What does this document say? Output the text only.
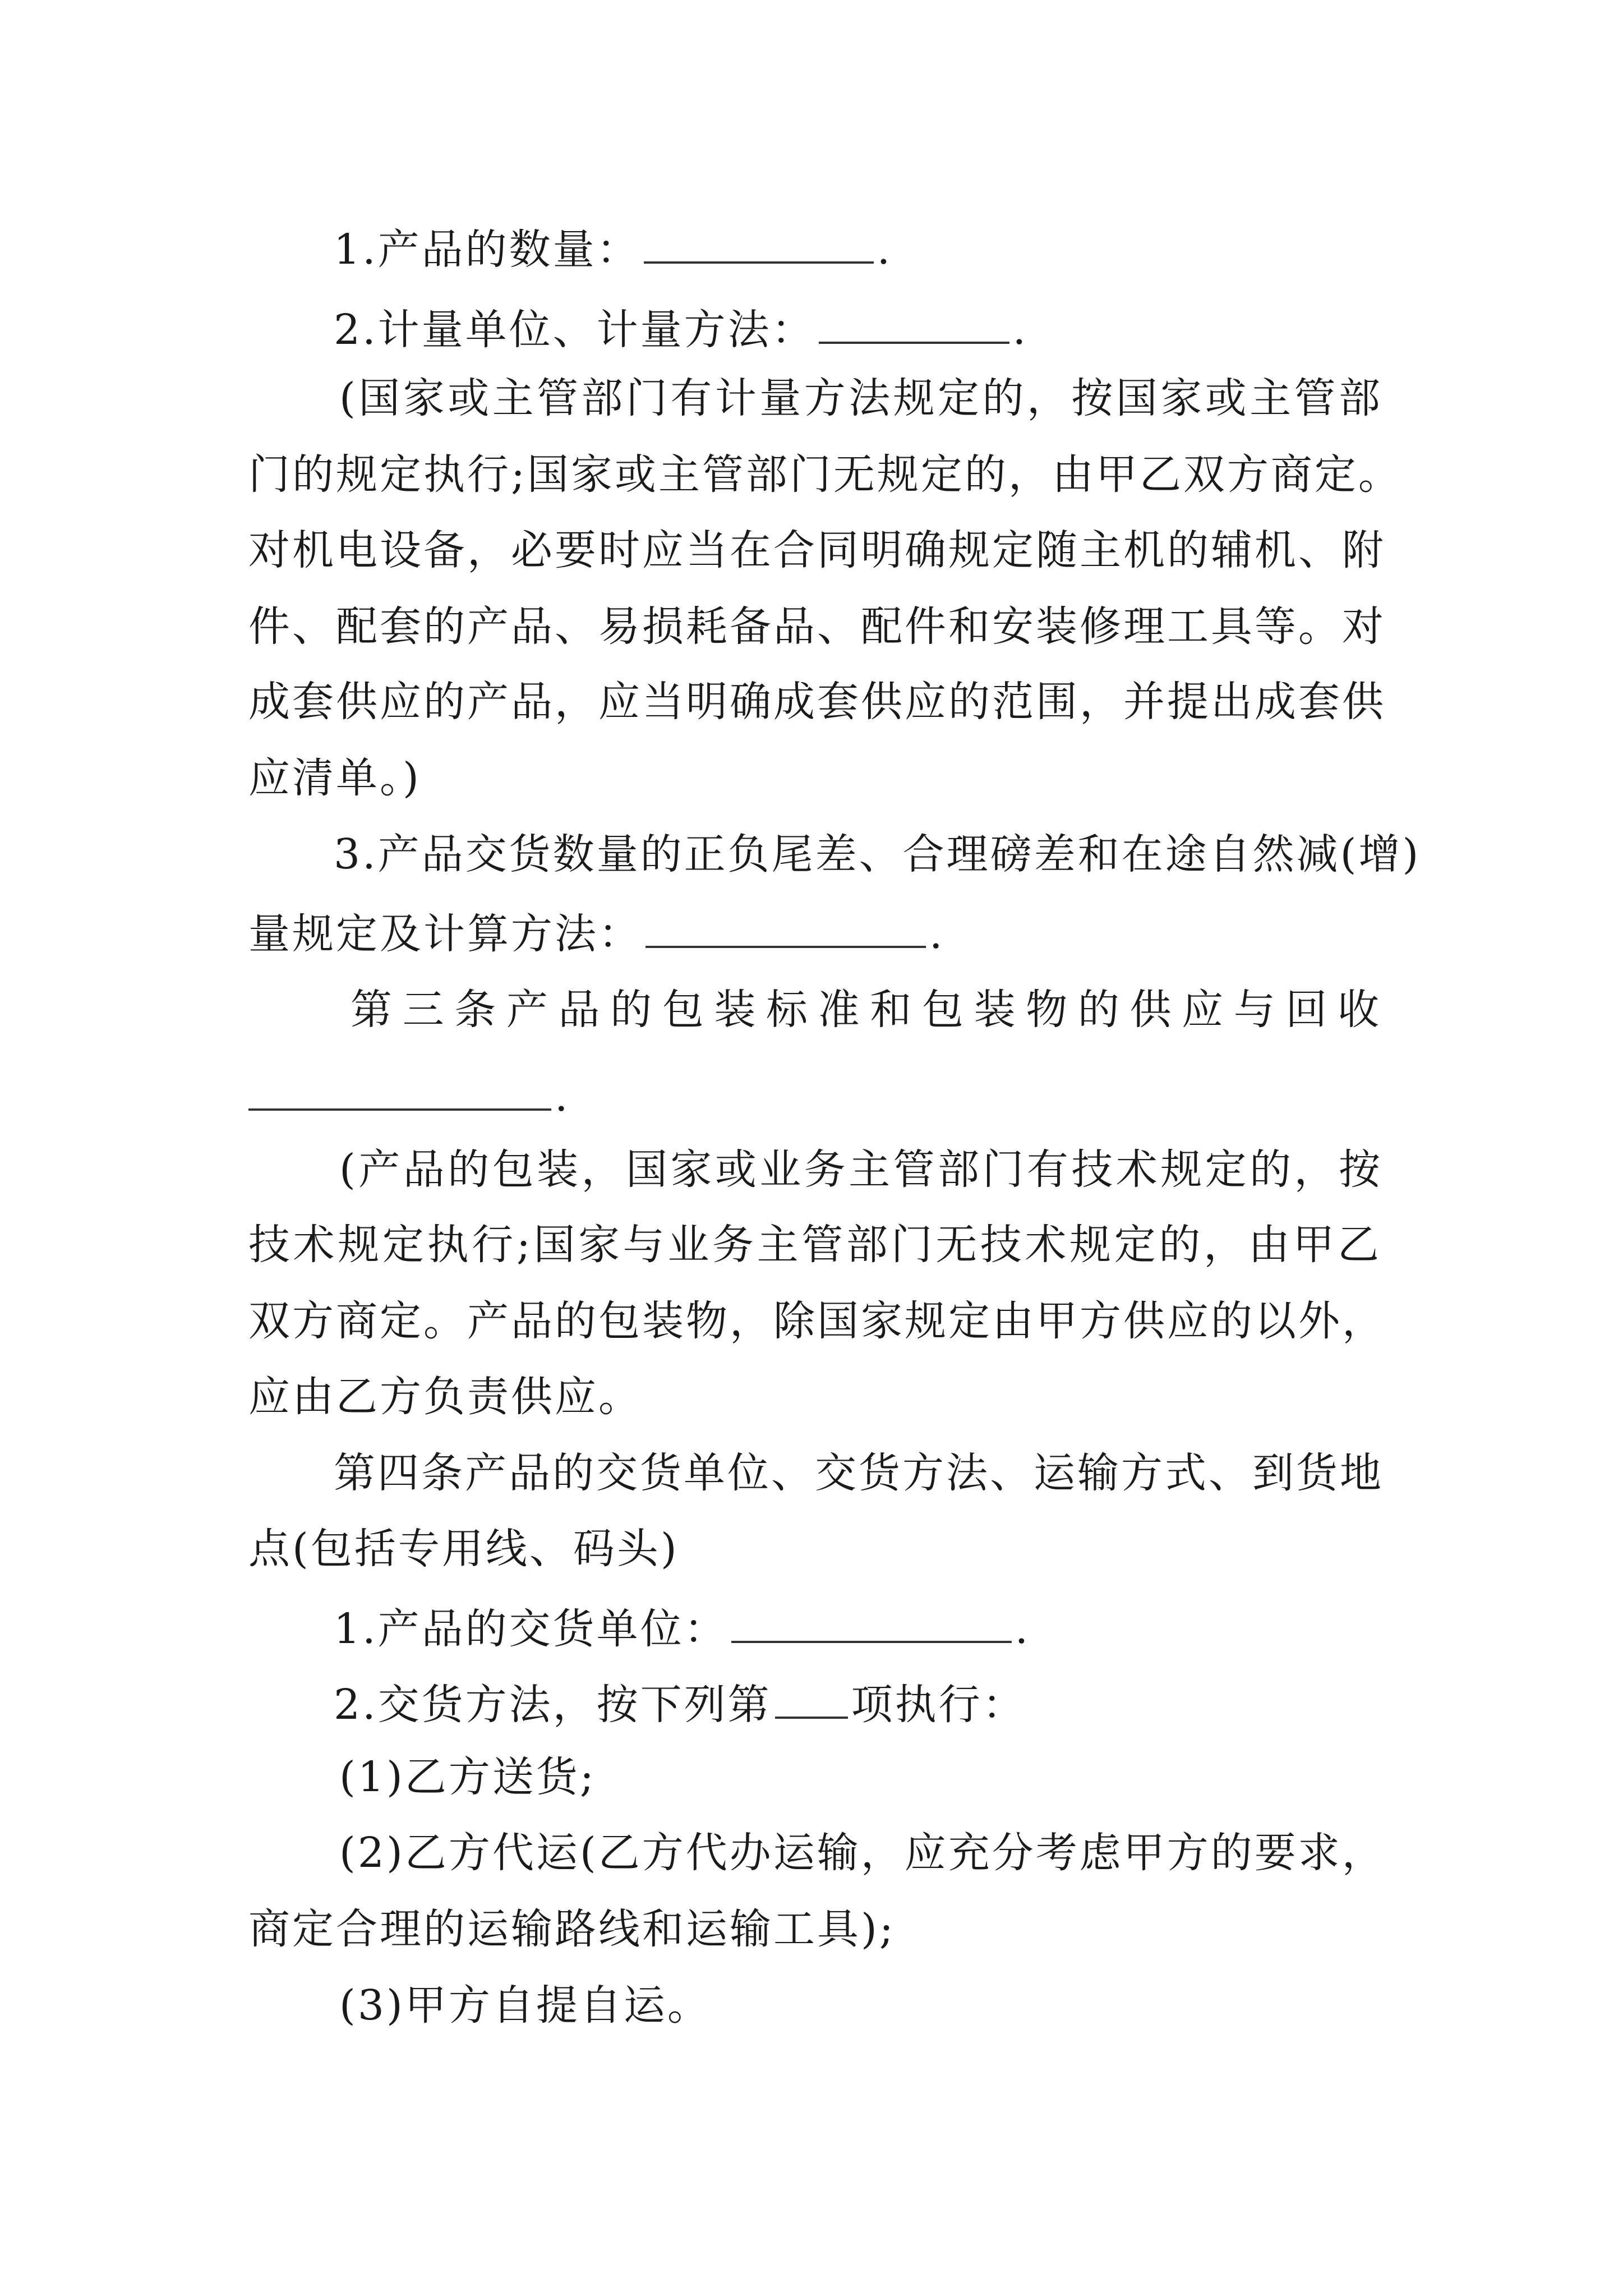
1.产品的数量：	.
2.计量单位、计量方法：	.
(国家或主管部门有计量方法规定的，按国家或主管部
门的规定执行;国家或主管部门无规定的，由甲乙双方商定。
对机电设备，必要时应当在合同明确规定随主机的辅机、附
件、配套的产品、易损耗备品、配件和安装修理工具等。对
成套供应的产品，应当明确成套供应的范围，并提出成套供
应清单。)
3.产品交货数量的正负尾差、合理磅差和在途自然减(增)
量规定及计算方法：	.
第三条产品的包装标准和包装物的供应与回收
.
(产品的包装，国家或业务主管部门有技术规定的，按
技术规定执行;国家与业务主管部门无技术规定的，由甲乙
双方商定。产品的包装物，除国家规定由甲方供应的以外，
应由乙方负责供应。
第四条产品的交货单位、交货方法、运输方式、到货地
点(包括专用线、码头)
1.产品的交货单位：	.
2.交货方法，按下列第 项执行：
(1)乙方送货;
(2)乙方代运(乙方代办运输，应充分考虑甲方的要求，
商定合理的运输路线和运输工具);
(3)甲方自提自运。
